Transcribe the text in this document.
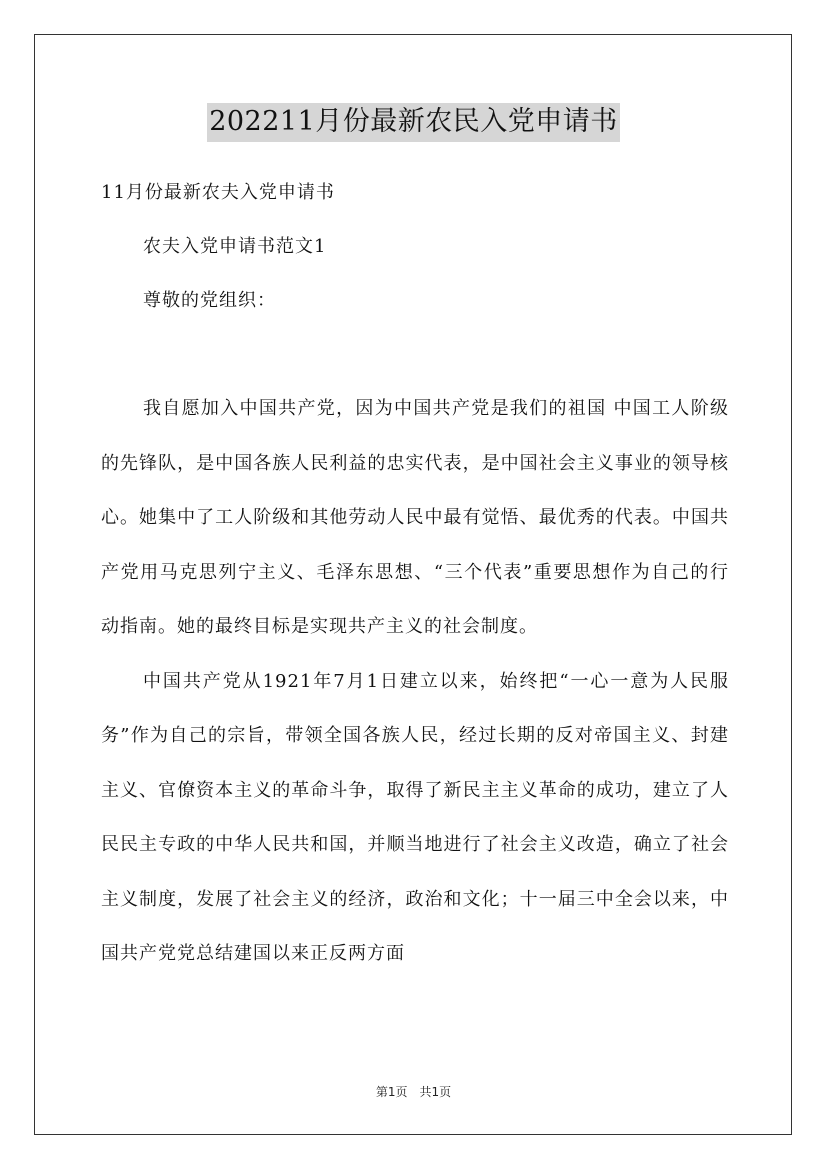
202211月份最新农民入党申请书
11月份最新农夫入党申请书
农夫入党申请书范文1
尊敬的党组织：

我自愿加入中国共产党，因为中国共产党是我们的祖国 中国工人阶级的先锋队，是中国各族人民利益的忠实代表，是中国社会主义事业的领导核心。她集中了工人阶级和其他劳动人民中最有觉悟、最优秀的代表。中国共产党用马克思列宁主义、毛泽东思想、“三个代表”重要思想作为自己的行动指南。她的最终目标是实现共产主义的社会制度。

中国共产党从1921年7月1日建立以来，始终把“一心一意为人民服务”作为自己的宗旨，带领全国各族人民，经过长期的反对帝国主义、封建主义、官僚资本主义的革命斗争，取得了新民主主义革命的成功，建立了人民民主专政的中华人民共和国，并顺当地进行了社会主义改造，确立了社会主义制度，发展了社会主义的经济，政治和文化；十一届三中全会以来，中国共产党党总结建国以来正反两方面

第1页　共1页
